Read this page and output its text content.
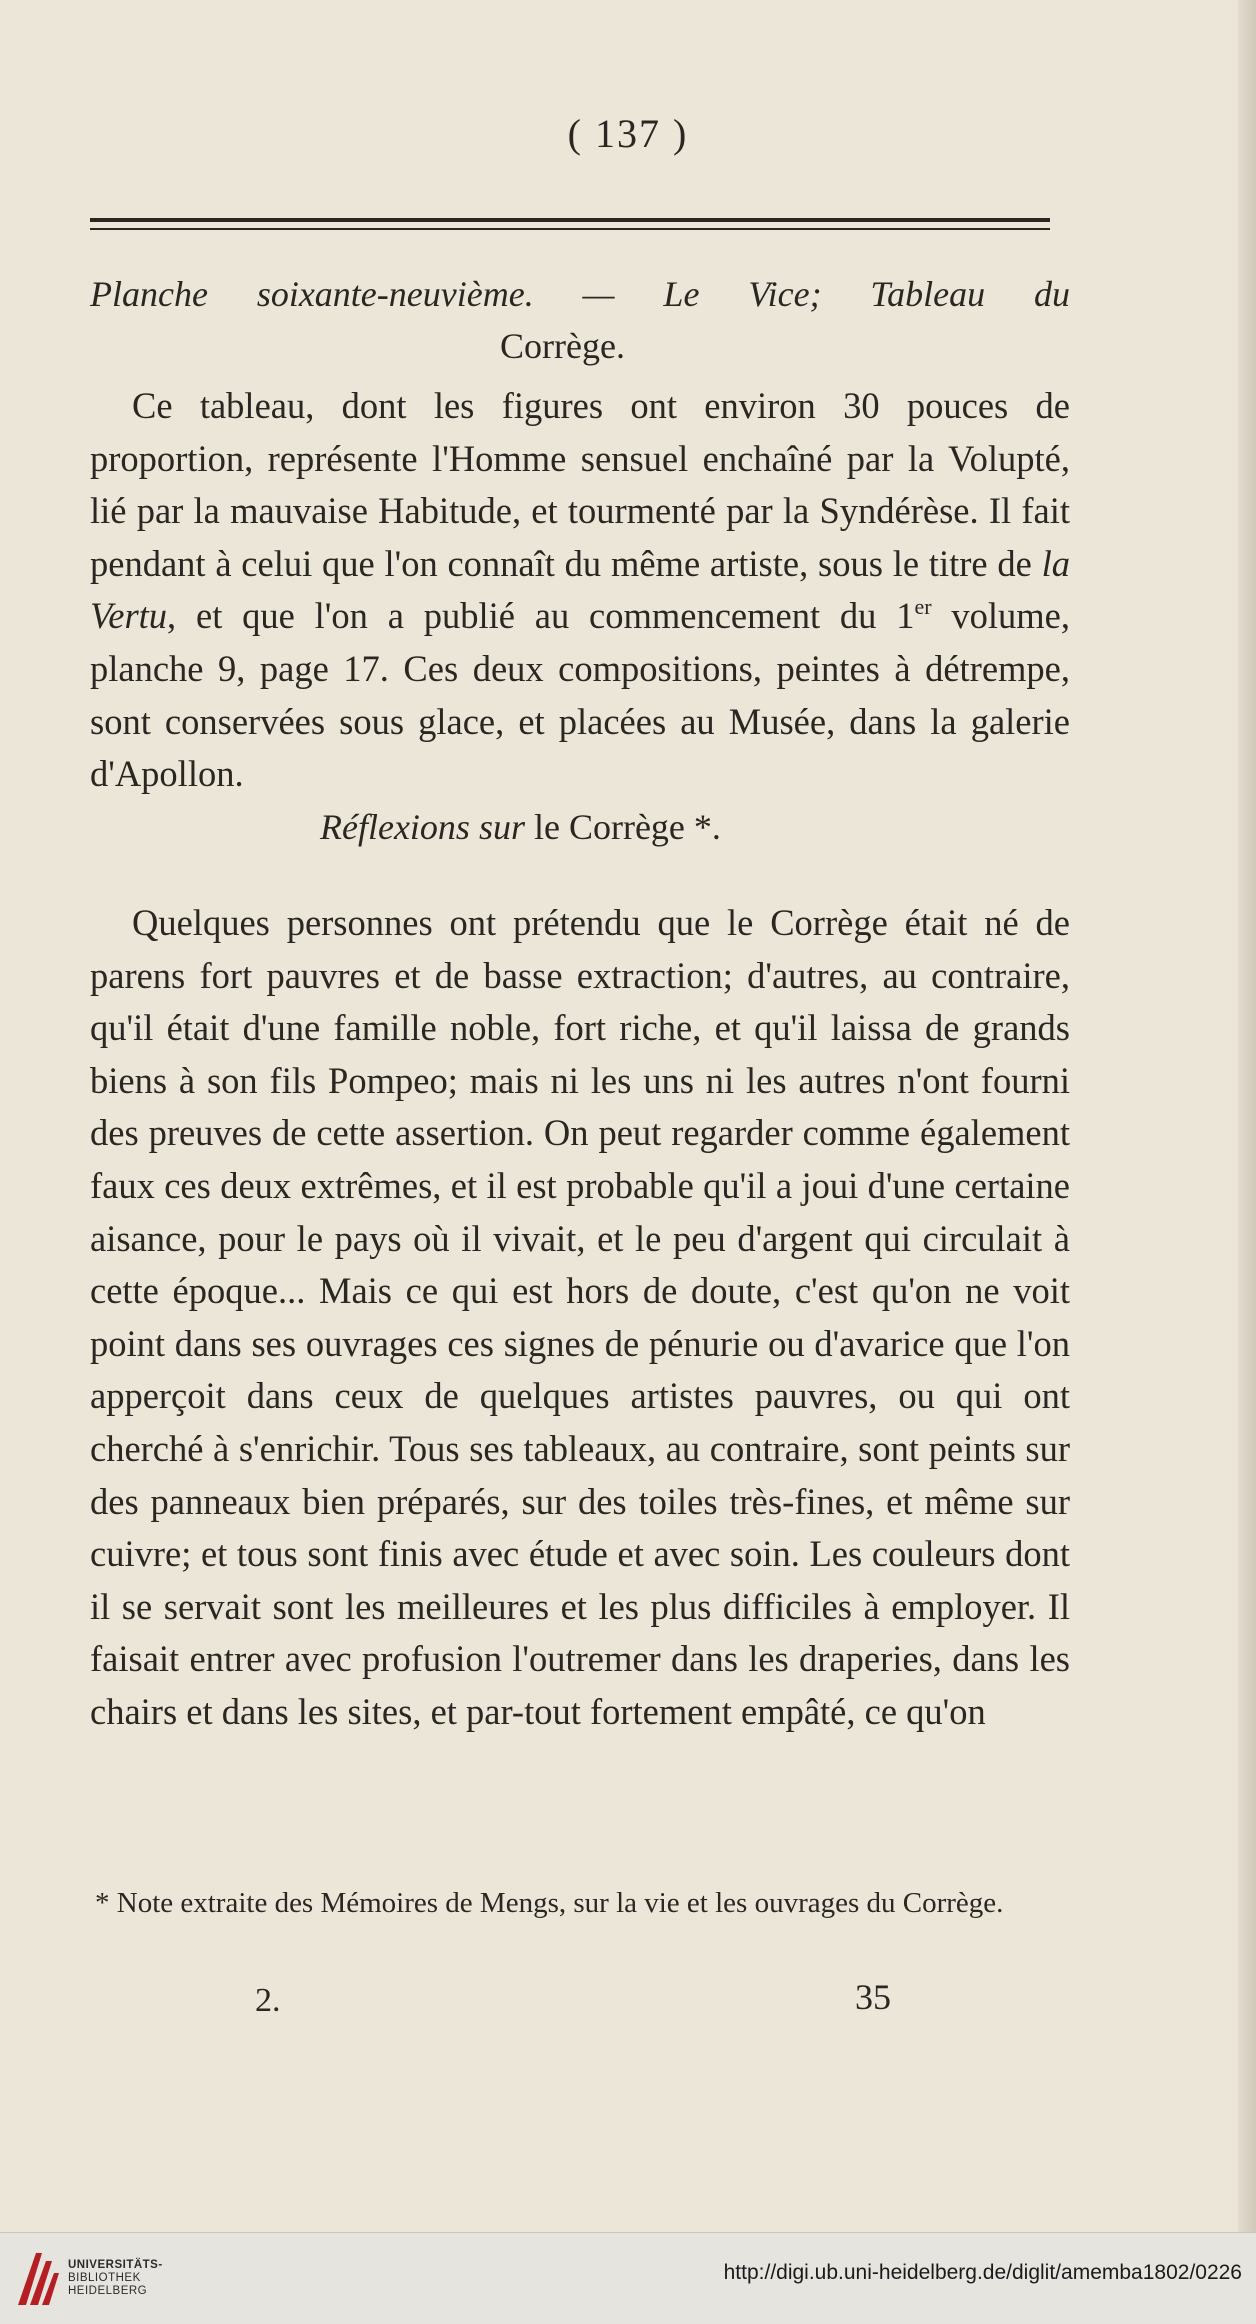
( 137 )
Planche soixante-neuvième. — Le Vice; Tableau du
Corrège.

Ce tableau, dont les figures ont environ 30 pouces de proportion, représente l'Homme sensuel enchaîné par la Volupté, lié par la mauvaise Habitude, et tourmenté par la Syndérèse. Il fait pendant à celui que l'on connaît du même artiste, sous le titre de la Vertu, et que l'on a publié au commencement du 1er volume, planche 9, page 17. Ces deux compositions, peintes à détrempe, sont conservées sous glace, et placées au Musée, dans la galerie d'Apollon.

Réflexions sur le Corrège *.

Quelques personnes ont prétendu que le Corrège était né de parens fort pauvres et de basse extraction; d'autres, au contraire, qu'il était d'une famille noble, fort riche, et qu'il laissa de grands biens à son fils Pompeo; mais ni les uns ni les autres n'ont fourni des preuves de cette assertion. On peut regarder comme également faux ces deux extrêmes, et il est probable qu'il a joui d'une certaine aisance, pour le pays où il vivait, et le peu d'argent qui circulait à cette époque... Mais ce qui est hors de doute, c'est qu'on ne voit point dans ses ouvrages ces signes de pénurie ou d'avarice que l'on apperçoit dans ceux de quelques artistes pauvres, ou qui ont cherché à s'enrichir. Tous ses tableaux, au contraire, sont peints sur des panneaux bien préparés, sur des toiles très-fines, et même sur cuivre; et tous sont finis avec étude et avec soin. Les couleurs dont il se servait sont les meilleures et les plus difficiles à employer. Il faisait entrer avec profusion l'outremer dans les draperies, dans les chairs et dans les sites, et par-tout fortement empâté, ce qu'on

* Note extraite des Mémoires de Mengs, sur la vie et les ouvrages du Corrège.
2.	35
UNIVERSITÄTS-
BIBLIOTHEK
HEIDELBERG
http://digi.ub.uni-heidelberg.de/diglit/amemba1802/0226
